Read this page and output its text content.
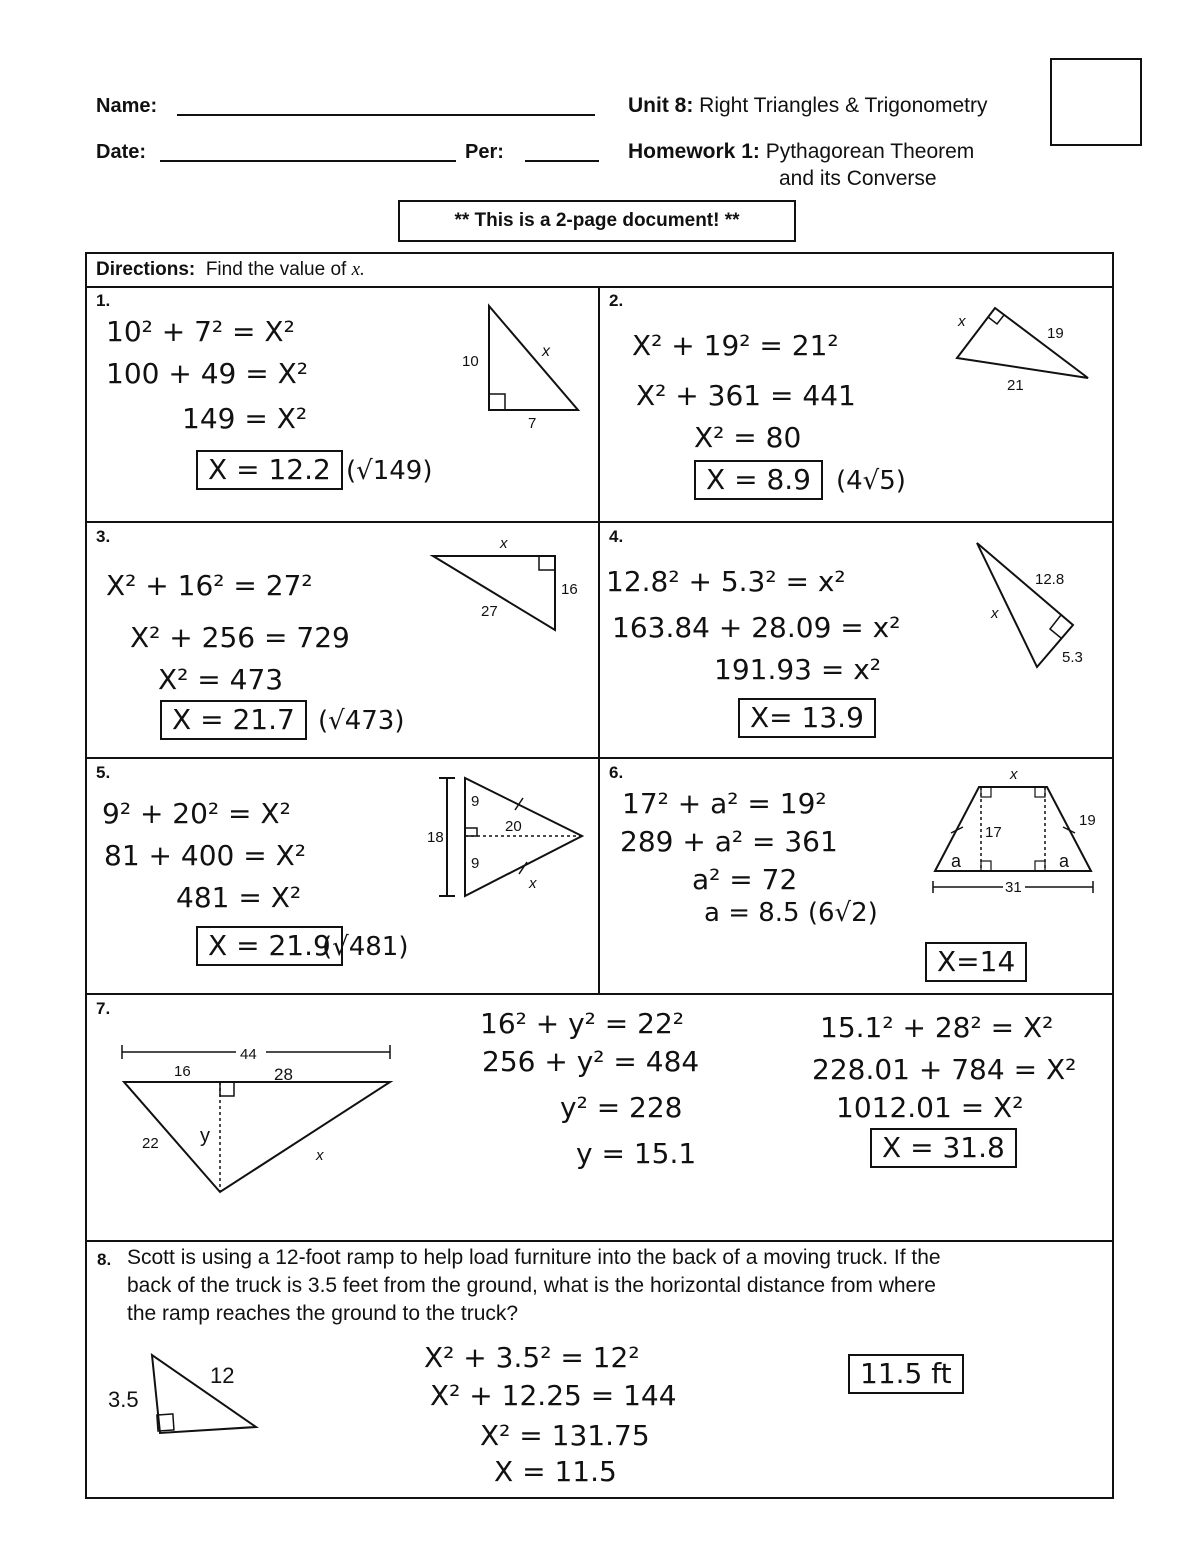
Name:
Date:	Per:
Unit 8: Right Triangles & Trigonometry
Homework 1: Pythagorean Theorem
and its Converse
** This is a 2-page document! **
Directions: Find the value of x.
1.
10² + 7² = X²
100 + 49 = X²
149 = X²
X = 12.2 (√149)
10
7
x
2.
X² + 19² = 21²
X² + 361 = 441
X² = 80
X = 8.9 (4√5)
x
19
21
3.
X² + 16² = 27²
X² + 256 = 729
X² = 473
X = 21.7 (√473)
x
16
27
4.
12.8² + 5.3² = x²
163.84 + 28.09 = x²
191.93 = x²
X= 13.9
12.8
5.3
x
5.
9² + 20² = X²
81 + 400 = X²
481 = X²
X = 21.9
(√481)
18
9
9
20
x
6.
17² + a² = 19²
289 + a² = 361
a² = 72
a = 8.5 (6√2)
X=14
x
19
17
a	a
31
7.
44
16	28
22 y
x
16² + y² = 22²
256 + y² = 484
y² = 228
y = 15.1
15.1² + 28² = X²
228.01 + 784 = X²
1012.01 = X²
X = 31.8
8. Scott is using a 12-foot ramp to help load furniture into the back of a moving truck. If the
back of the truck is 3.5 feet from the ground, what is the horizontal distance from where
the ramp reaches the ground to the truck?
3.5
12
X² + 3.5² = 12²
X² + 12.25 = 144
X² = 131.75
X = 11.5
11.5 ft
